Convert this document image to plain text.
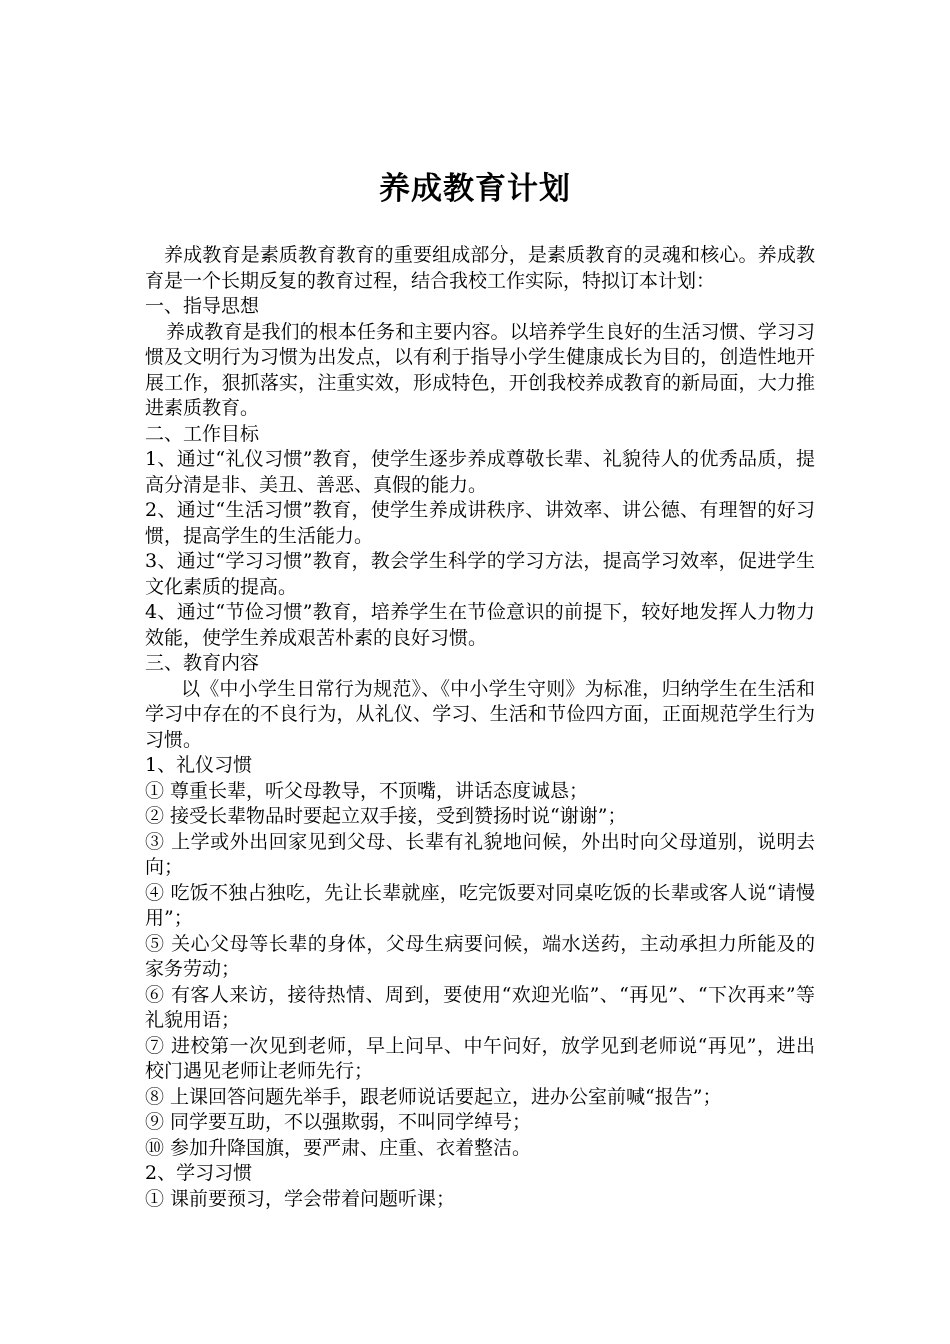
养成教育计划

养成教育是素质教育教育的重要组成部分，是素质教育的灵魂和核心。养成教育是一个长期反复的教育过程，结合我校工作实际，特拟订本计划：

一、指导思想

养成教育是我们的根本任务和主要内容。以培养学生良好的生活习惯、学习习惯及文明行为习惯为出发点，以有利于指导小学生健康成长为目的，创造性地开展工作，狠抓落实，注重实效，形成特色，开创我校养成教育的新局面，大力推进素质教育。

二、工作目标

1、通过“礼仪习惯”教育，使学生逐步养成尊敬长辈、礼貌待人的优秀品质，提高分清是非、美丑、善恶、真假的能力。

2、通过“生活习惯”教育，使学生养成讲秩序、讲效率、讲公德、有理智的好习惯，提高学生的生活能力。

3、通过“学习习惯”教育，教会学生科学的学习方法，提高学习效率，促进学生文化素质的提高。

4、通过“节俭习惯”教育，培养学生在节俭意识的前提下，较好地发挥人力物力效能，使学生养成艰苦朴素的良好习惯。

三、教育内容

以《中小学生日常行为规范》、《中小学生守则》为标准，归纳学生在生活和学习中存在的不良行为，从礼仪、学习、生活和节俭四方面，正面规范学生行为习惯。

1、礼仪习惯

① 尊重长辈，听父母教导，不顶嘴，讲话态度诚恳；

② 接受长辈物品时要起立双手接，受到赞扬时说“谢谢”；

③ 上学或外出回家见到父母、长辈有礼貌地问候，外出时向父母道别，说明去向；

④ 吃饭不独占独吃，先让长辈就座，吃完饭要对同桌吃饭的长辈或客人说“请慢用”；

⑤ 关心父母等长辈的身体，父母生病要问候，端水送药，主动承担力所能及的家务劳动；

⑥ 有客人来访，接待热情、周到，要使用“欢迎光临”、“再见”、“下次再来”等礼貌用语；

⑦ 进校第一次见到老师，早上问早、中午问好，放学见到老师说“再见”，进出校门遇见老师让老师先行；

⑧ 上课回答问题先举手，跟老师说话要起立，进办公室前喊“报告”；

⑨ 同学要互助，不以强欺弱，不叫同学绰号；

⑩ 参加升降国旗，要严肃、庄重、衣着整洁。

2、学习习惯

① 课前要预习，学会带着问题听课；
